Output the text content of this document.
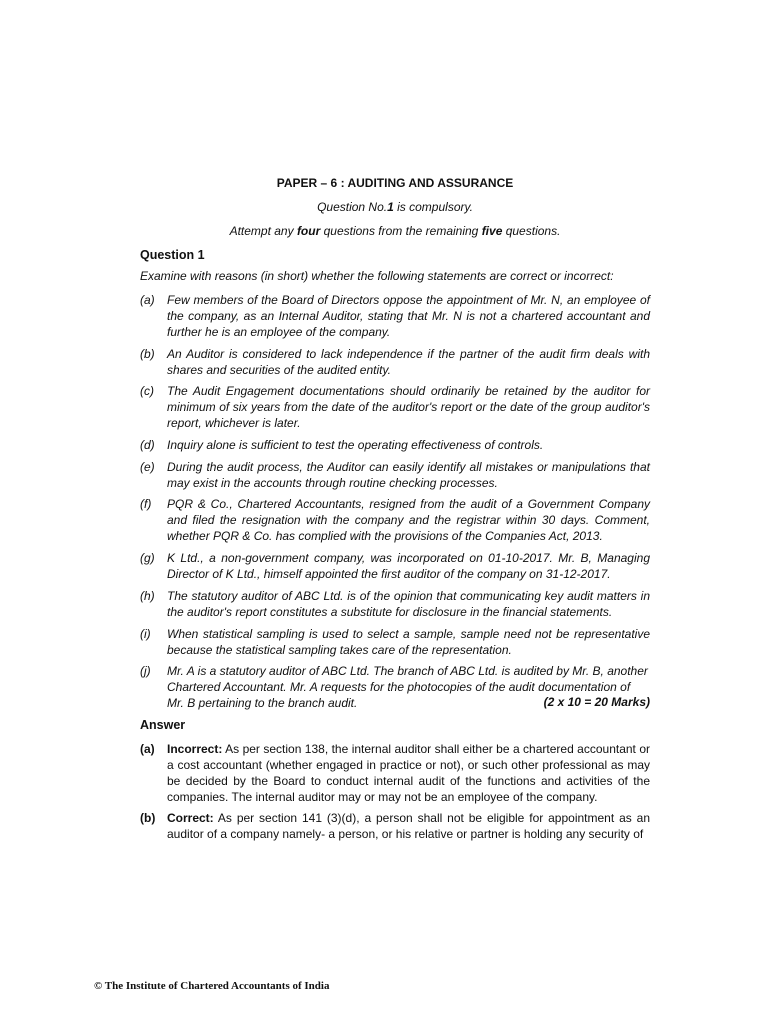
PAPER – 6 : AUDITING AND ASSURANCE
Question No.1 is compulsory.
Attempt any four questions from the remaining five questions.
Question 1
Examine with reasons (in short) whether the following statements are correct or incorrect:
(a) Few members of the Board of Directors oppose the appointment of Mr. N, an employee of the company, as an Internal Auditor, stating that Mr. N is not a chartered accountant and further he is an employee of the company.
(b) An Auditor is considered to lack independence if the partner of the audit firm deals with shares and securities of the audited entity.
(c) The Audit Engagement documentations should ordinarily be retained by the auditor for minimum of six years from the date of the auditor's report or the date of the group auditor's report, whichever is later.
(d) Inquiry alone is sufficient to test the operating effectiveness of controls.
(e) During the audit process, the Auditor can easily identify all mistakes or manipulations that may exist in the accounts through routine checking processes.
(f) PQR & Co., Chartered Accountants, resigned from the audit of a Government Company and filed the resignation with the company and the registrar within 30 days. Comment, whether PQR & Co. has complied with the provisions of the Companies Act, 2013.
(g) K Ltd., a non-government company, was incorporated on 01-10-2017. Mr. B, Managing Director of K Ltd., himself appointed the first auditor of the company on 31-12-2017.
(h) The statutory auditor of ABC Ltd. is of the opinion that communicating key audit matters in the auditor's report constitutes a substitute for disclosure in the financial statements.
(i) When statistical sampling is used to select a sample, sample need not be representative because the statistical sampling takes care of the representation.
(j) Mr. A is a statutory auditor of ABC Ltd. The branch of ABC Ltd. is audited by Mr. B, another Chartered Accountant. Mr. A requests for the photocopies of the audit documentation of Mr. B pertaining to the branch audit.	(2 x 10 = 20 Marks)
Answer
(a) Incorrect: As per section 138, the internal auditor shall either be a chartered accountant or a cost accountant (whether engaged in practice or not), or such other professional as may be decided by the Board to conduct internal audit of the functions and activities of the companies. The internal auditor may or may not be an employee of the company.
(b) Correct: As per section 141 (3)(d), a person shall not be eligible for appointment as an auditor of a company namely- a person, or his relative or partner is holding any security of
© The Institute of Chartered Accountants of India
